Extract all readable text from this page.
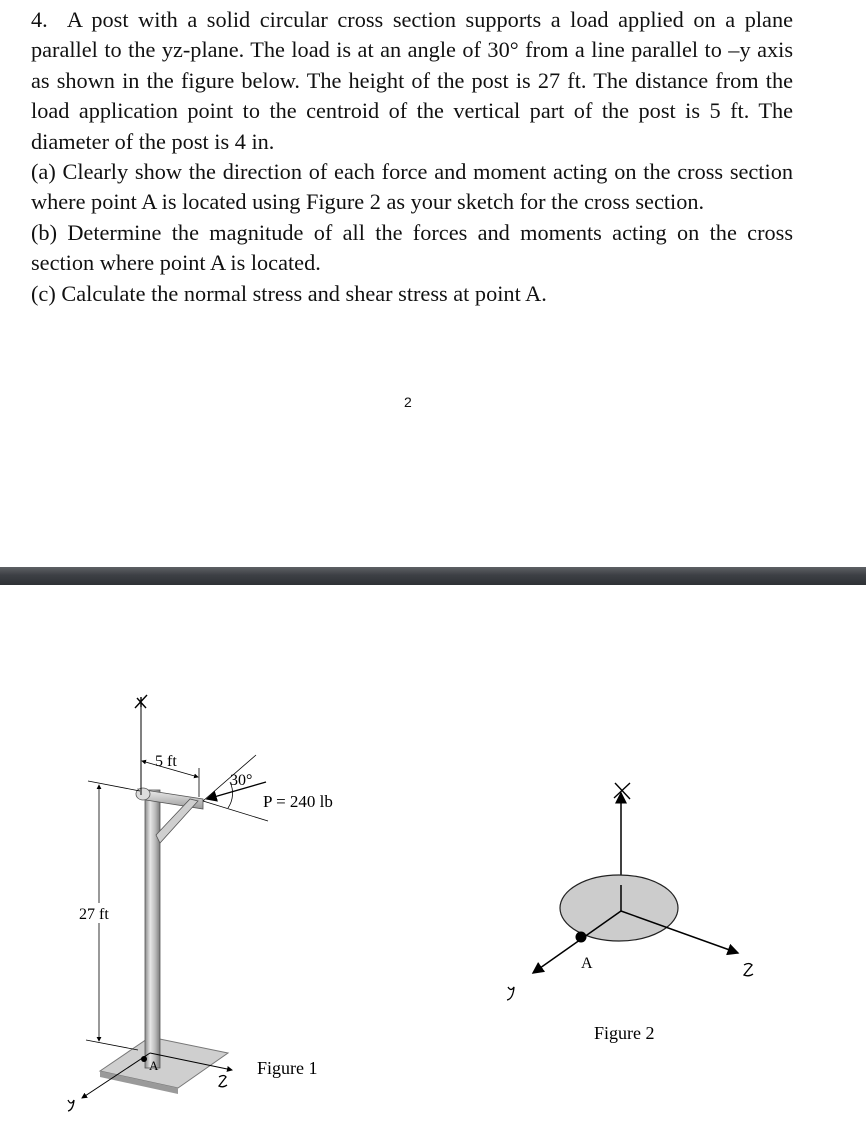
4. A post with a solid circular cross section supports a load applied on a plane parallel to the yz-plane. The load is at an angle of 30° from a line parallel to –y axis as shown in the figure below. The height of the post is 27 ft. The distance from the load application point to the centroid of the vertical part of the post is 5 ft. The diameter of the post is 4 in.

(a) Clearly show the direction of each force and moment acting on the cross section where point A is located using Figure 2 as your sketch for the cross section.

(b) Determine the magnitude of all the forces and moments acting on the cross section where point A is located.

(c) Calculate the normal stress and shear stress at point A.

2
A
5 ft
30°
P = 240 lb
27 ft
Figure 1
A
Figure 2
